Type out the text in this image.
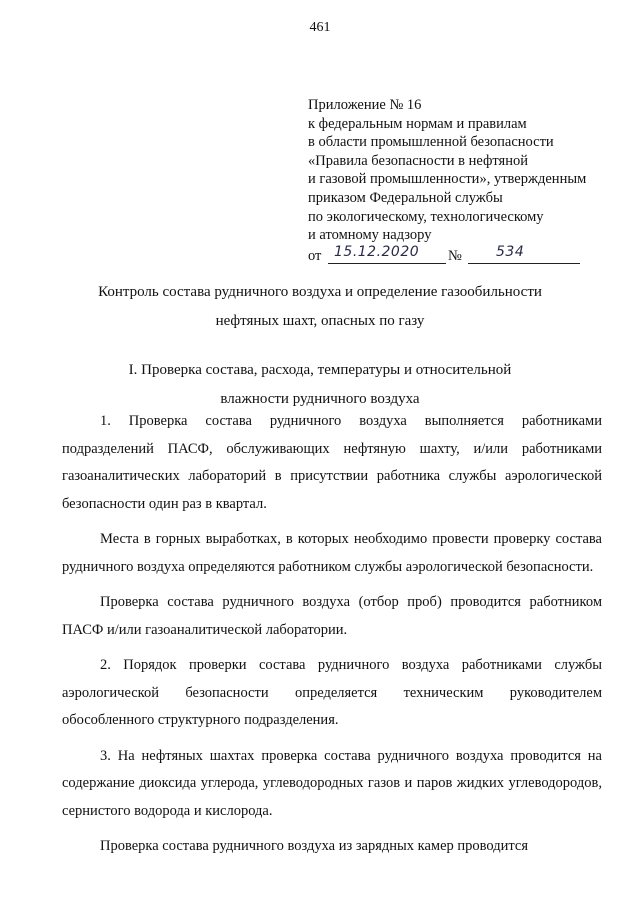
461
Приложение № 16
к федеральным нормам и правилам
в области промышленной безопасности
«Правила безопасности в нефтяной
и газовой промышленности», утвержденным
приказом Федеральной службы
по экологическому, технологическому
и атомному надзору
от 15.12.2020 № 534
Контроль состава рудничного воздуха и определение газообильности
нефтяных шахт, опасных по газу
I. Проверка состава, расхода, температуры и относительной
влажности рудничного воздуха

1. Проверка состава рудничного воздуха выполняется работниками подразделений ПАСФ, обслуживающих нефтяную шахту, и/или работниками газоаналитических лабораторий в присутствии работника службы аэрологической безопасности один раз в квартал.

Места в горных выработках, в которых необходимо провести проверку состава рудничного воздуха определяются работником службы аэрологической безопасности.

Проверка состава рудничного воздуха (отбор проб) проводится работником ПАСФ и/или газоаналитической лаборатории.

2. Порядок проверки состава рудничного воздуха работниками службы аэрологической безопасности определяется техническим руководителем обособленного структурного подразделения.

3. На нефтяных шахтах проверка состава рудничного воздуха проводится на содержание диоксида углерода, углеводородных газов и паров жидких углеводородов, сернистого водорода и кислорода.

Проверка состава рудничного воздуха из зарядных камер проводится
